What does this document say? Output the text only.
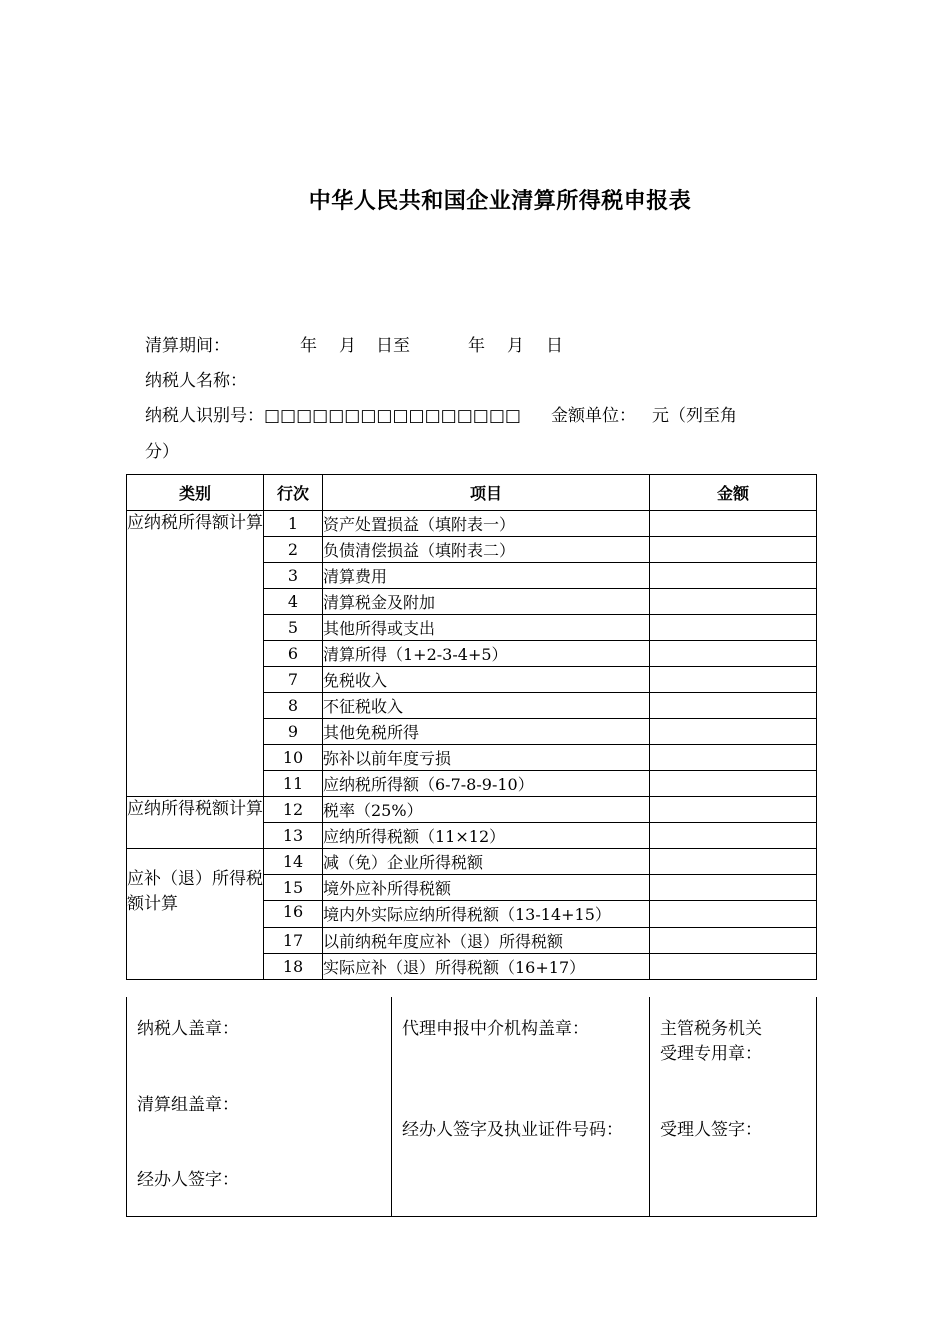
中华人民共和国企业清算所得税申报表
清算期间：	年 月 日至	年 月 日
纳税人名称：
纳税人识别号：□□□□□□□□□□□□□□□□ 金额单位： 元（列至角
分）
类别	行次	项目	金额
应纳税所得额计算	1	资产处置损益（填附表一）	
	2	负债清偿损益（填附表二）	
	3	清算费用	
	4	清算税金及附加	
	5	其他所得或支出	
	6	清算所得（1+2-3-4+5）	
	7	免税收入	
	8	不征税收入	
	9	其他免税所得	
	10	弥补以前年度亏损	
	11	应纳税所得额（6-7-8-9-10）	
应纳所得税额计算	12	税率（25%）	
	13	应纳所得税额（11×12）	
应补（退）所得税额计算	14	减（免）企业所得税额	
	15	境外应补所得税额	
	16	境内外实际应纳所得税额（13-14+15）	
	17	以前纳税年度应补（退）所得税额	
	18	实际应补（退）所得税额（16+17）	
纳税人盖章：
清算组盖章：
经办人签字：

代理申报中介机构盖章：
经办人签字及执业证件号码：

主管税务机关
受理专用章：
受理人签字：
